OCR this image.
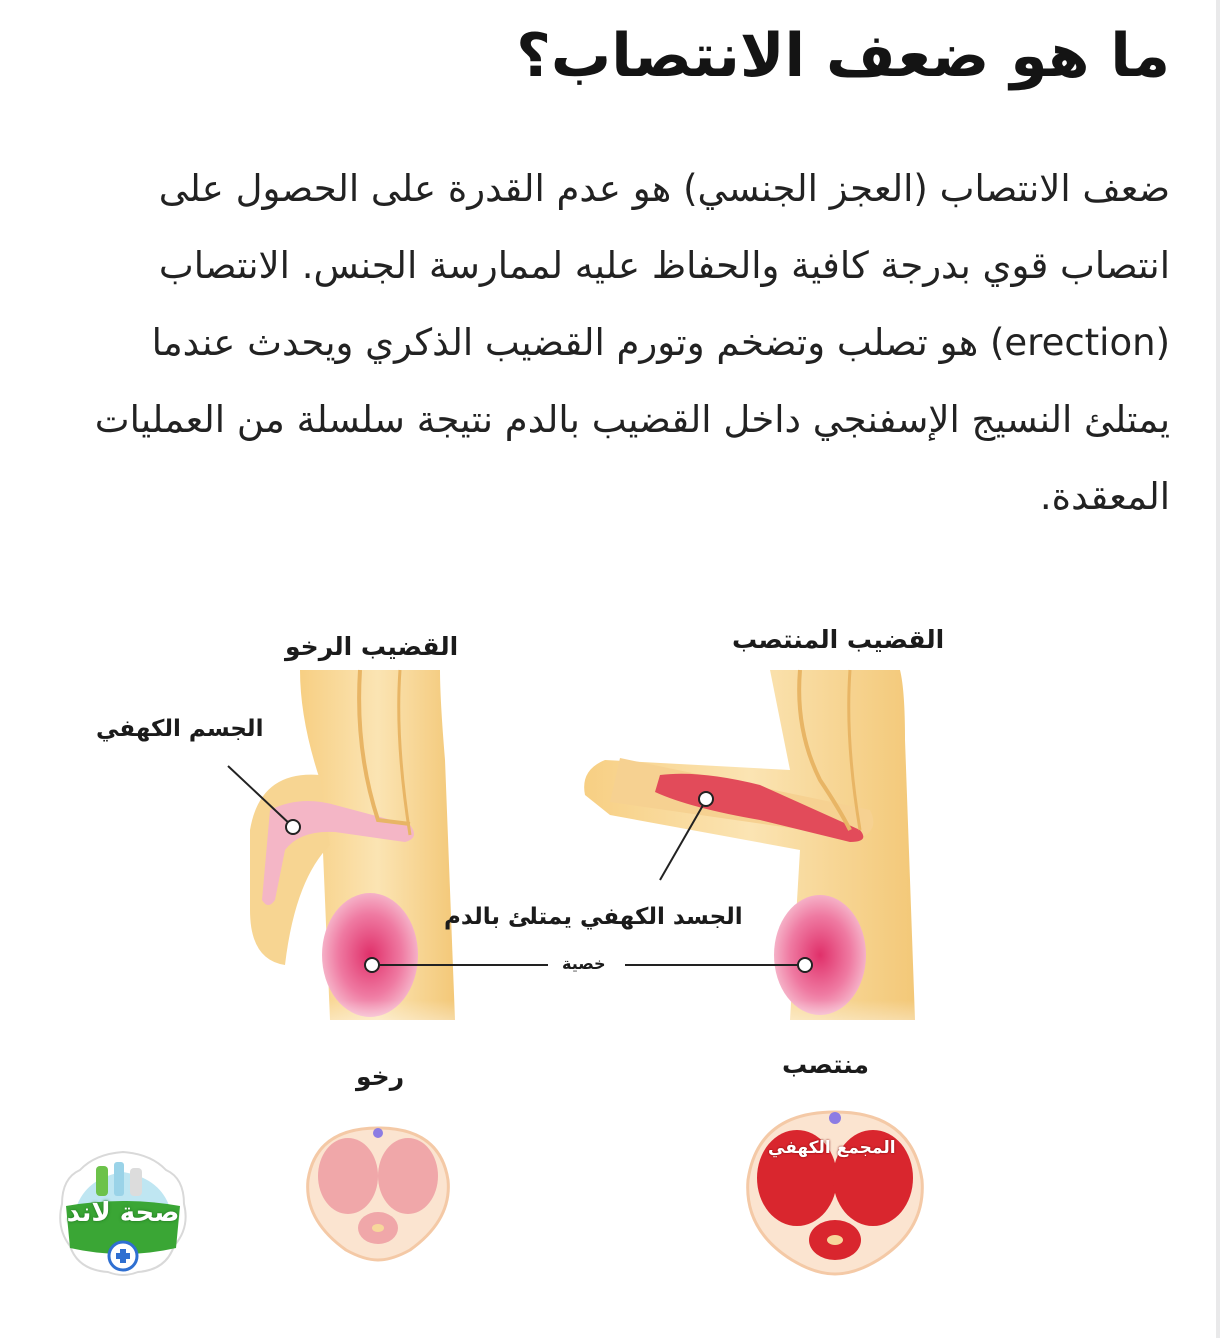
ما هو ضعف الانتصاب؟

ضعف الانتصاب (العجز الجنسي) هو عدم القدرة على الحصول على انتصاب قوي بدرجة كافية والحفاظ عليه لممارسة الجنس. الانتصاب (erection) هو تصلب وتضخم وتورم القضيب الذكري ويحدث عندما يمتلئ النسيج الإسفنجي داخل القضيب بالدم نتيجة سلسلة من العمليات المعقدة.

القضيب الرخو	القضيب المنتصب
الجسم الكهفي
الجسد الكهفي يمتلئ بالدم
خصية
رخو	منتصب
المجمع الكهفي
صحة لاند
